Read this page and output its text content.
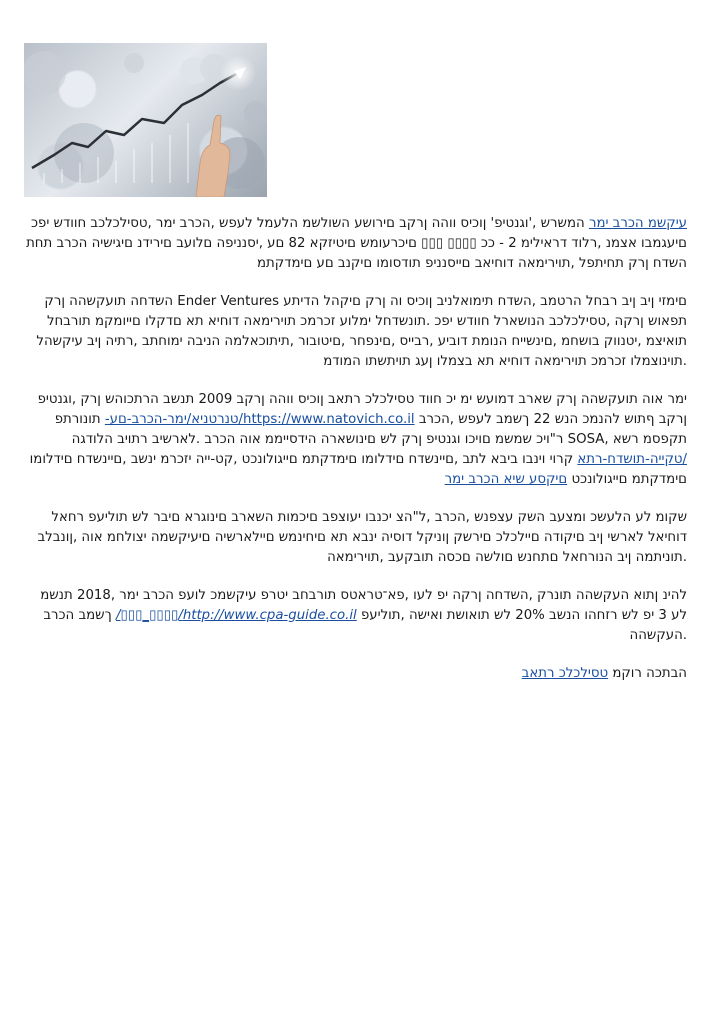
עיקשמ הכרב ימר המשרש ,'וגנטיפ' ןוכיס ווהה ןרקב םירושע השולשמ הלעמל לעפש ,הכרב ימר ,טסילכלכב חוודש יפכ םיעגמבו אצמנ ,רלוד דראילימ 2 - ככ ▯▯▯▯ ▯▯▯ םיכרעומש םיטיזקא 82 םע ,יסנניפה םלועב םירידנ םיגישיה הכרב תחת השדח ןרק תחיתפל ,תוירימאה דוחיאב םייסנניפ תודסומו םיקנב םע םימדקתמ

םימזי ןיב ןיב רבחל הרטמב ,השדח תימואלניב ןוכיס וה ןרק םיקהל הדיתע Ender Ventures השדחה תועקשהה ןרק תפאוש ןרקה ,טסילכלכב הנושארל חוודש יפכ .תונשדחל ימלוע זכרמכ תוירימאה דוחיא תא םדקלו םייומקמ תורבחל תואיצמ ,יטנווק בושחמ ,םינשייח הנומת דוביע ,רבייס ,םינפחר ,םיטובור ,תיתוכאלמה הניבה ימוחתב ,רתיה ןיב עיקשהל .תוינוצמלו זכרמכ תוירימאה דוחיא תא בצמלו ןעג תויתשתו המודמ

ימר אוה תועקשהה ןרק שארב דמועש ימ יכ חווד טסילכלכ רתאב ןוכיס ווהה ןרקב 2009 תנשב הרתכוהש ןרק ,וגנטיפ ןרקב ףתוש להנמכ הנש 22 ךשמב לעפש ,הכרב https://www.natovich.co.il/טנרטניא/ימר-הכרב-םע- תונורתפ תקפסמ רשא ,SOSA ר"ויכ שמשמ םויכו וגנטיפ ןרק לש םינושארה הידסייממ אוה הכרב .לארשיב רתויב הלודגה /טקייה-תושדח-רתא קרוי וינבו ביבא לתב ,םיינשדח םידלומו םימדקתמ םייגולונכט ,קט-ייה יזכרמ ינשב ,םיינשדח םידלומו םימדקתמ םייגולונכט םיקסע שיא הכרב ימר

שקומ לע הלעשכ ומצעב השק עצפנש ,הכרב ,ל"הצ יכנבו יעוצפב םיכמות השארב םינוגרא םיבר לש תוליעפ רחאל דוחיאל לארשי ןיב םיקודה םיילכלכ םירשק ןוניקל דוסיה ינבא תא םיחינמש םיילארשיה םיעיקשמה יצולחמ אוה ,ןונבלב .תוניתמה ןיב הנורחאל םתחנש םולשה םכסה תובקעב ,תוירימאה

להינ ןתוא העקשהה תונרק ,השדחה ןרקה יפ לעו ,פא־טראטס תורבחב יטרפ עיקשמכ לועפ הכרב ימר ,2018 תנשמ לע 3 יפ לש רזחהו הנשב 20% לש תואושת ואישה ,תוליעפ http://www.cpa-guide.co.il/▯▯▯▯_▯▯▯/ ךשמב הכרב .העקשהה

הבתכה רוקמ טסילכלכ רתאב
